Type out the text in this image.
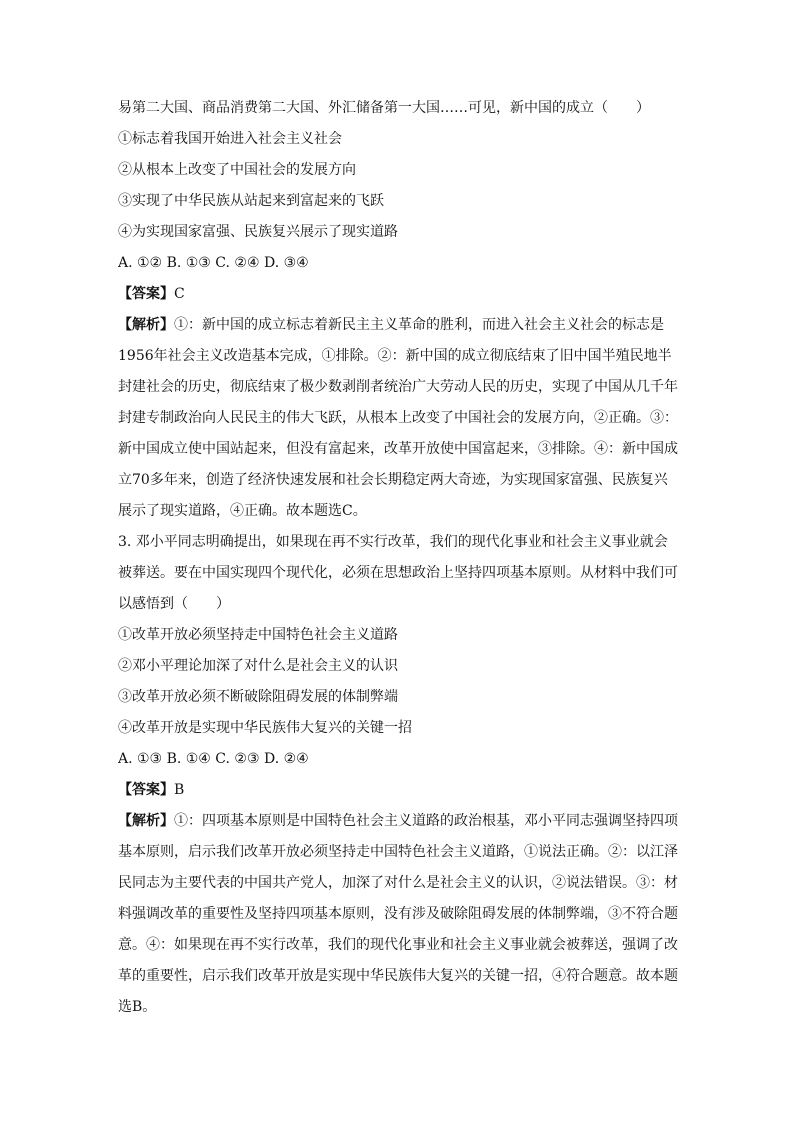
易第二大国、商品消费第二大国、外汇储备第一大国……可见，新中国的成立（　　）
①标志着我国开始进入社会主义社会
②从根本上改变了中国社会的发展方向
③实现了中华民族从站起来到富起来的飞跃
④为实现国家富强、民族复兴展示了现实道路
A. ①② B. ①③ C. ②④ D. ③④
【答案】C
【解析】①：新中国的成立标志着新民主主义革命的胜利，而进入社会主义社会的标志是
1956年社会主义改造基本完成，①排除。②：新中国的成立彻底结束了旧中国半殖民地半
封建社会的历史，彻底结束了极少数剥削者统治广大劳动人民的历史，实现了中国从几千年
封建专制政治向人民民主的伟大飞跃，从根本上改变了中国社会的发展方向，②正确。③：
新中国成立使中国站起来，但没有富起来，改革开放使中国富起来，③排除。④：新中国成
立70多年来，创造了经济快速发展和社会长期稳定两大奇迹，为实现国家富强、民族复兴
展示了现实道路，④正确。故本题选C。
3. 邓小平同志明确提出，如果现在再不实行改革，我们的现代化事业和社会主义事业就会
被葬送。要在中国实现四个现代化，必须在思想政治上坚持四项基本原则。从材料中我们可
以感悟到（　　）
①改革开放必须坚持走中国特色社会主义道路
②邓小平理论加深了对什么是社会主义的认识
③改革开放必须不断破除阻碍发展的体制弊端
④改革开放是实现中华民族伟大复兴的关键一招
A. ①③ B. ①④ C. ②③ D. ②④
【答案】B
【解析】①：四项基本原则是中国特色社会主义道路的政治根基，邓小平同志强调坚持四项
基本原则，启示我们改革开放必须坚持走中国特色社会主义道路，①说法正确。②：以江泽
民同志为主要代表的中国共产党人，加深了对什么是社会主义的认识，②说法错误。③：材
料强调改革的重要性及坚持四项基本原则，没有涉及破除阻碍发展的体制弊端，③不符合题
意。④：如果现在再不实行改革，我们的现代化事业和社会主义事业就会被葬送，强调了改
革的重要性，启示我们改革开放是实现中华民族伟大复兴的关键一招，④符合题意。故本题
选B。
